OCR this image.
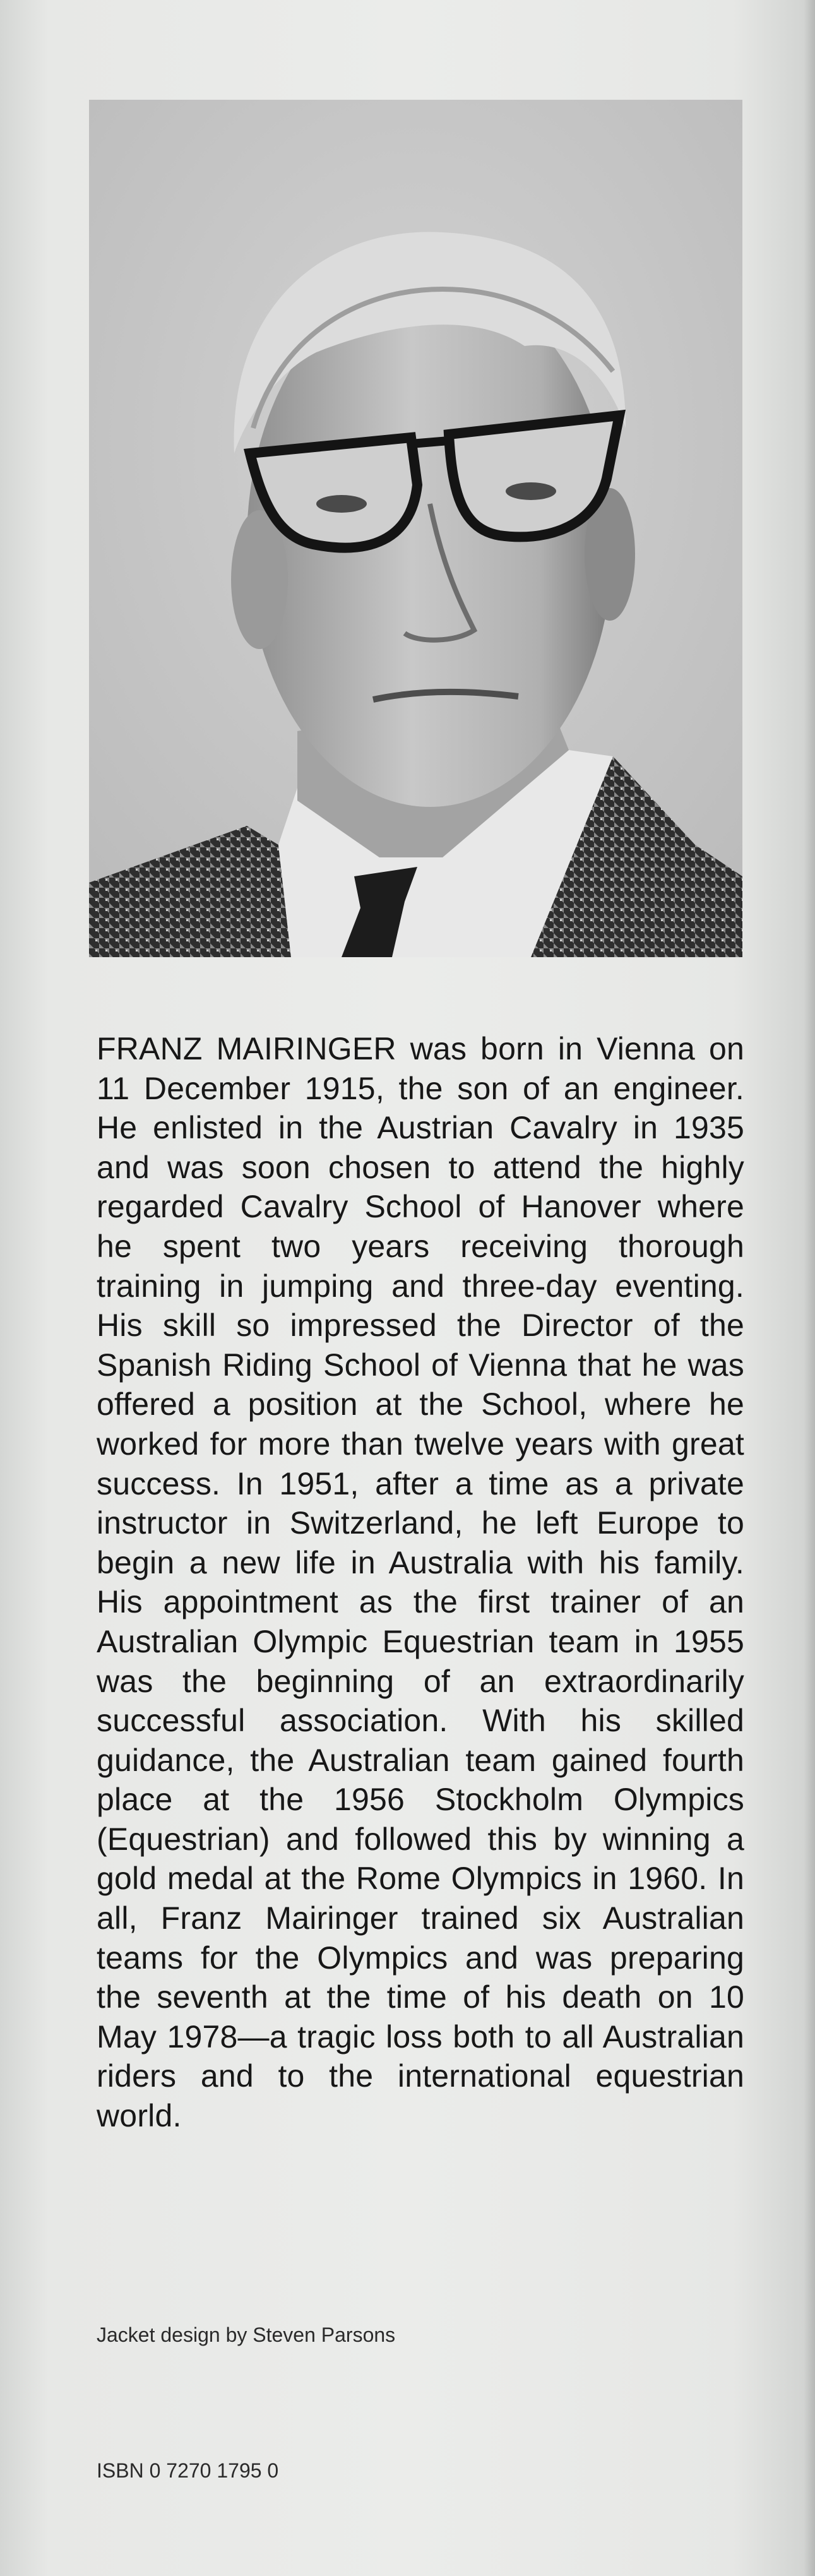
FRANZ MAIRINGER was born in Vienna on 11 December 1915, the son of an engineer. He enlisted in the Austrian Cavalry in 1935 and was soon chosen to attend the highly regarded Cavalry School of Hanover where he spent two years receiving thorough training in jumping and three-day eventing. His skill so impressed the Director of the Spanish Riding School of Vienna that he was offered a position at the School, where he worked for more than twelve years with great success. In 1951, after a time as a private instructor in Switzerland, he left Europe to begin a new life in Australia with his family. His appointment as the first trainer of an Australian Olympic Equestrian team in 1955 was the beginning of an extraordinarily successful association. With his skilled guidance, the Australian team gained fourth place at the 1956 Stockholm Olympics (Equestrian) and followed this by winning a gold medal at the Rome Olympics in 1960. In all, Franz Mairinger trained six Australian teams for the Olympics and was preparing the seventh at the time of his death on 10 May 1978—a tragic loss both to all Australian riders and to the international equestrian world.
Jacket design by Steven Parsons
ISBN 0 7270 1795 0
